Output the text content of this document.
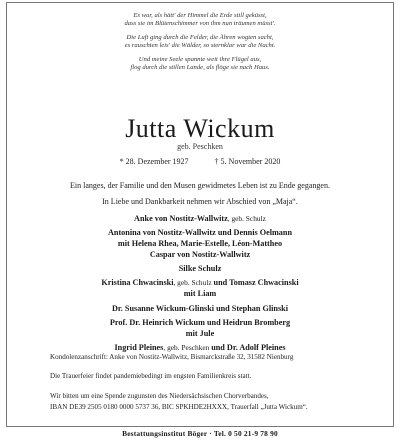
Es war, als hätt' der Himmel die Erde still geküsst,
dass sie im Blütenschimmer von ihm nun träumen müsst'.
Die Luft ging durch die Felder, die Ähren wogten sacht,
es rauschten leis' die Wälder, so sternklar war die Nacht.
Und meine Seele spannte weit ihre Flügel aus,
flog durch die stillen Lande, als flöge sie nach Haus.
Jutta Wickum
geb. Peschken
* 28. Dezember 1927	† 5. November 2020
Ein langes, der Familie und den Musen gewidmetes Leben ist zu Ende gegangen.
In Liebe und Dankbarkeit nehmen wir Abschied von „Maja“.
Anke von Nostitz-Wallwitz, geb. Schulz
Antonina von Nostitz-Wallwitz und Dennis Oelmann
mit Helena Rhea, Marie-Estelle, Léon-Mattheo
Caspar von Nostitz-Wallwitz
Silke Schulz
Kristina Chwacinski, geb. Schulz und Tomasz Chwacinski
mit Liam
Dr. Susanne Wickum-Glinski und Stephan Glinski
Prof. Dr. Heinrich Wickum und Heidrun Bromberg
mit Jule
Ingrid Pleines, geb. Peschken und Dr. Adolf Pleines
Kondolenzanschrift: Anke von Nostitz-Wallwitz, Bismarckstraße 32, 31582 Nienburg
Die Trauerfeier findet pandemiebedingt im engsten Familienkreis statt.
Wir bitten um eine Spende zugunsten des Niedersächsischen Chorverbandes,
IBAN DE39 2505 0180 0000 5737 36, BIC SPKHDE2HXXX, Trauerfall „Jutta Wickum“.
Bestattungsinstitut Böger · Tel. 0 50 21-9 78 90
